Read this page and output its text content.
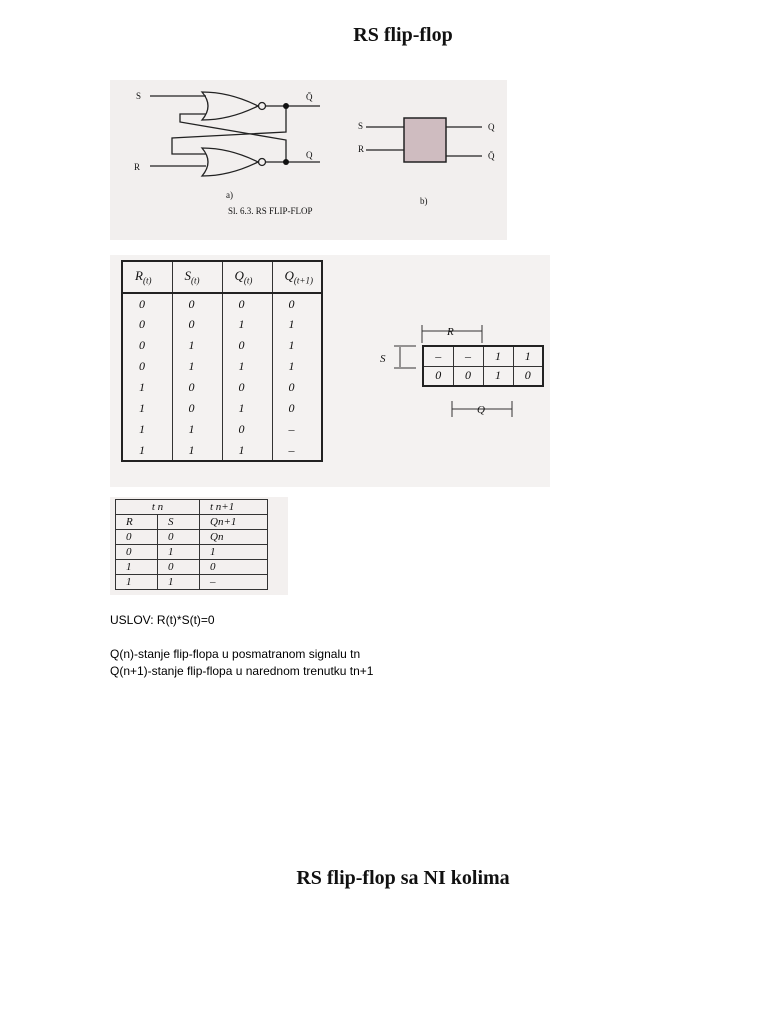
RS flip-flop
S
R
Q̄
Q
a)
b)
S
R
Q
Q̄
Sl. 6.3. RS FLIP-FLOP
$R_{(t)}$	$S_{(t)}$	$Q_{(t)}$	$Q_{(t+1)}$
0	0	0	0
0	0	1	1
0	1	0	1
0	1	1	1
1	0	0	0
1	0	1	0
1	1	0	–
1	1	1	–
R
S
Q
–	–	1	1
0	0	1	0
t n		t n+1
R	S	Qn+1
0	0	Qn
0	1	1
1	0	0
1	1	–
USLOV: R(t)*S(t)=0
Q(n)-stanje flip-flopa u posmatranom signalu tn
Q(n+1)-stanje flip-flopa u narednom trenutku tn+1
RS flip-flop sa NI kolima
